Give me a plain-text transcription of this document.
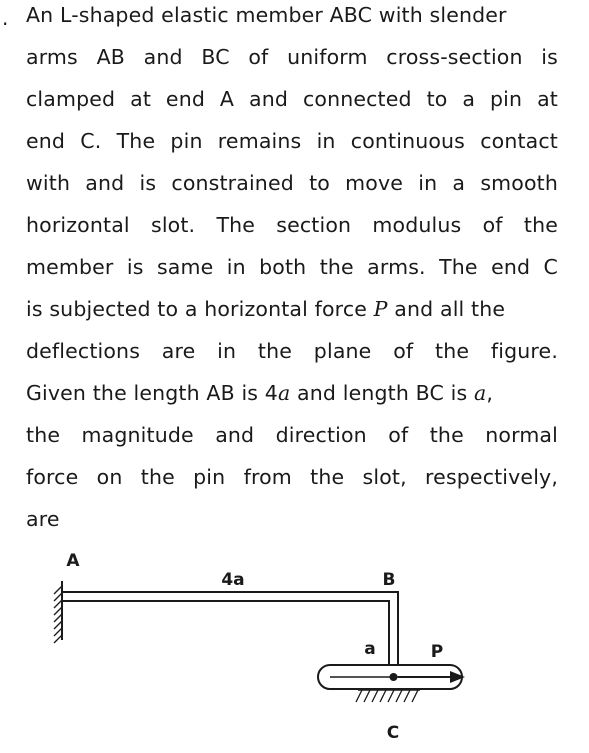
. An L-shaped elastic member ABC with slender
arms AB and BC of uniform cross-section is
clamped at end A and connected to a pin at
end C. The pin remains in continuous contact
with and is constrained to move in a smooth
horizontal slot. The section modulus of the
member is same in both the arms. The end C
is subjected to a horizontal force P and all the
deflections are in the plane of the figure.
Given the length AB is 4a and length BC is a,
the magnitude and direction of the normal
force on the pin from the slot, respectively,
are
A
4a	B
a	P
C
